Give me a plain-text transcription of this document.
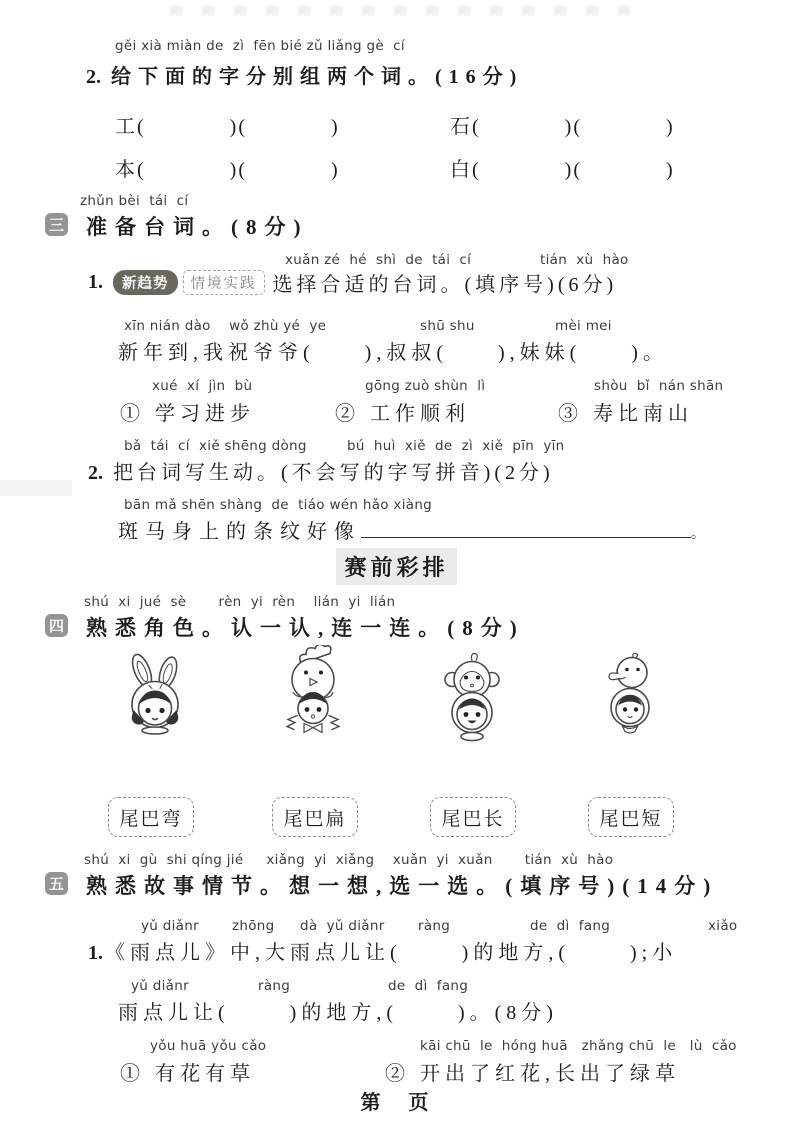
gěi xià miàn de  zì  fēn bié zǔ liǎng gè  cí
2. 给下面的字分别组两个词。(16分)
工(            )(            )	石(            )(            )
本(            )(            )	白(            )(            )
zhǔn bèi  tái  cí
三 准备台词。(8分)
xuǎn zé  hé  shì  de  tái  cí	tián  xù  hào
1.	新趋势	情境实践 选择合适的台词。(填序号)(6分)
xīn nián dào    wǒ zhù yé  ye	shū shu	mèi mei
新年到,我祝爷爷(     ),叔叔(     ),妹妹(     )。
xué  xí  jìn  bù
① 学习进步
gōng zuò shùn  lì
② 工作顺利
shòu  bǐ  nán shān
③ 寿比南山
bǎ  tái  cí  xiě shēng dòng	bú  huì  xiě  de  zì  xiě  pīn  yīn
2. 把台词写生动。(不会写的字写拼音)(2分)
bān mǎ shēn shàng  de  tiáo wén hǎo xiàng
斑马身上的条纹好像	。
赛前彩排
shú  xi  jué  sè       rèn  yi  rèn    lián  yi  lián
四 熟悉角色。认一认,连一连。(8分)
尾巴弯	尾巴扁	尾巴长	尾巴短
shú  xi  gù  shi qíng jié     xiǎng  yi  xiǎng    xuǎn  yi  xuǎn       tián  xù  hào
五 熟悉故事情节。想一想,选一选。(填序号)(14分)
yǔ diǎnr zhōng dà  yǔ diǎnr ràng	de  dì  fang	xiǎo
1. 《雨点儿》中,大雨点儿让(      )的地方,(      );小
yǔ diǎnr	ràng	de  dì  fang
雨点儿让(      )的地方,(      )。(8分)
yǒu huā yǒu cǎo
① 有花有草
kāi chū  le  hóng huā   zhǎng chū  le   lù  cǎo
② 开出了红花,长出了绿草
第　页
